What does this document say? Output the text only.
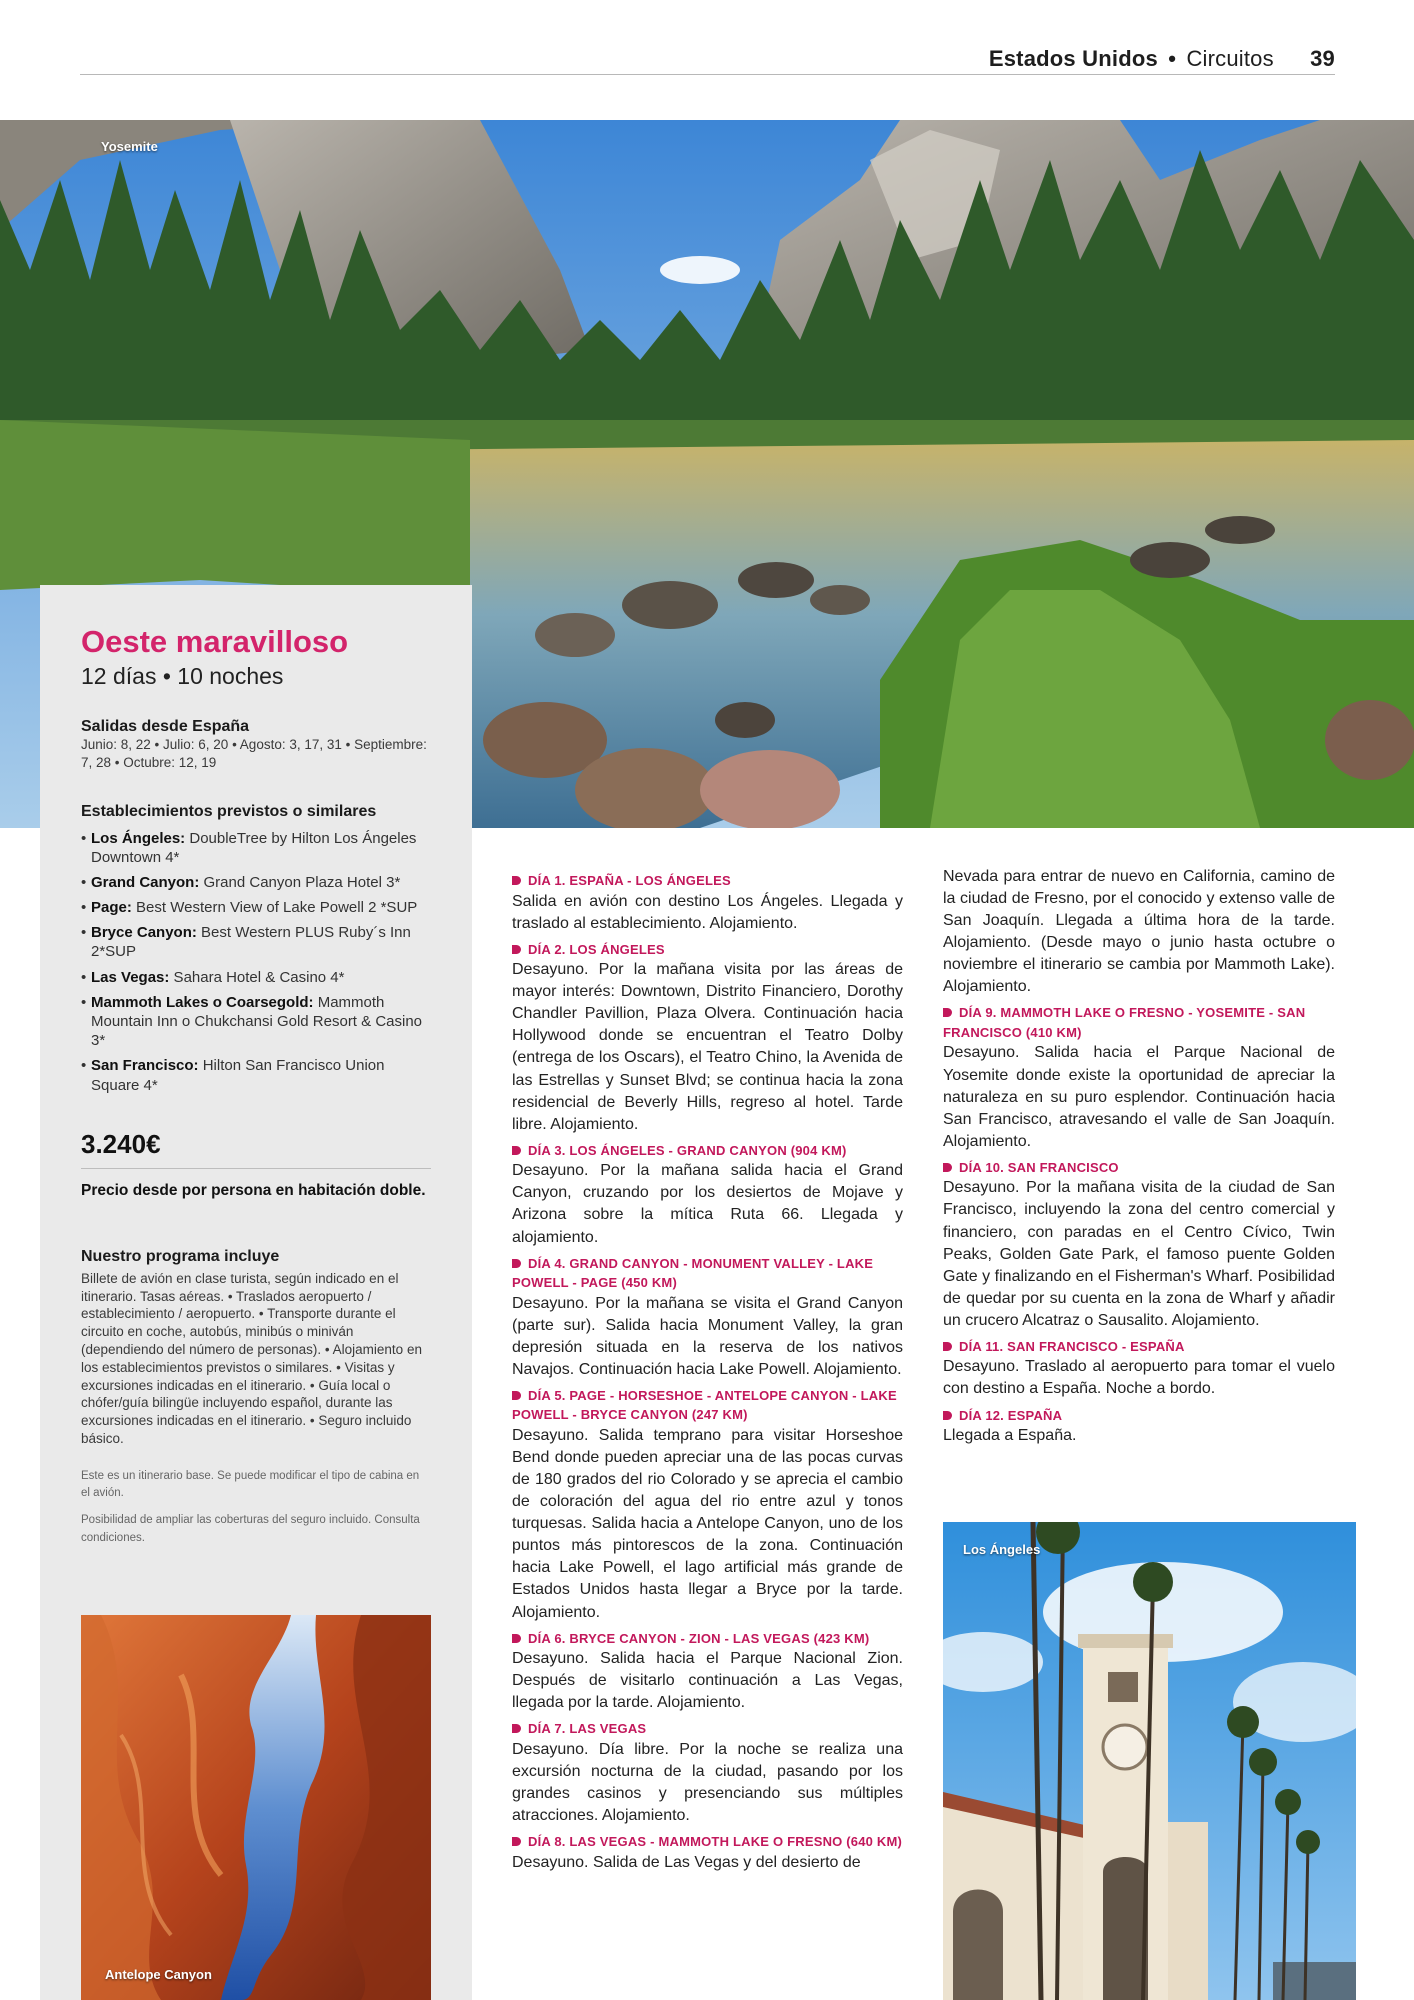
Estados Unidos • Circuitos 39
Yosemite
Oeste maravilloso
12 días • 10 noches
Salidas desde España
Junio: 8, 22 • Julio: 6, 20 • Agosto: 3, 17, 31 • Septiembre: 7, 28 • Octubre: 12, 19
Establecimientos previstos o similares
• Los Ángeles: DoubleTree by Hilton Los Ángeles Downtown 4*
• Grand Canyon: Grand Canyon Plaza Hotel 3*
• Page: Best Western View of Lake Powell 2 *SUP
• Bryce Canyon: Best Western PLUS Ruby´s Inn 2*SUP
• Las Vegas: Sahara Hotel & Casino 4*
• Mammoth Lakes o Coarsegold: Mammoth Mountain Inn o Chukchansi Gold Resort & Casino 3*
• San Francisco: Hilton San Francisco Union Square 4*
3.240€
Precio desde por persona en habitación doble.
Nuestro programa incluye
Billete de avión en clase turista, según indicado en el itinerario. Tasas aéreas. • Traslados aeropuerto / establecimiento / aeropuerto. • Transporte durante el circuito en coche, autobús, minibús o miniván (dependiendo del número de personas). • Alojamiento en los establecimientos previstos o similares. • Visitas y excursiones indicadas en el itinerario. • Guía local o chófer/guía bilingüe incluyendo español, durante las excursiones indicadas en el itinerario. • Seguro incluido básico.
Este es un itinerario base. Se puede modificar el tipo de cabina en el avión.
Posibilidad de ampliar las coberturas del seguro incluido. Consulta condiciones.
Antelope Canyon
Los Ángeles
DÍA 1. ESPAÑA - LOS ÁNGELES

Salida en avión con destino Los Ángeles. Llegada y traslado al establecimiento. Alojamiento.

DÍA 2. LOS ÁNGELES

Desayuno. Por la mañana visita por las áreas de mayor interés: Downtown, Distrito Financiero, Dorothy Chandler Pavillion, Plaza Olvera. Continuación hacia Hollywood donde se encuentran el Teatro Dolby (entrega de los Oscars), el Teatro Chino, la Avenida de las Estrellas y Sunset Blvd; se continua hacia la zona residencial de Beverly Hills, regreso al hotel. Tarde libre. Alojamiento.

DÍA 3. LOS ÁNGELES - GRAND CANYON (904 KM)

Desayuno. Por la mañana salida hacia el Grand Canyon, cruzando por los desiertos de Mojave y Arizona sobre la mítica Ruta 66. Llegada y alojamiento.

DÍA 4. GRAND CANYON - MONUMENT VALLEY - LAKE POWELL - PAGE (450 KM)

Desayuno. Por la mañana se visita el Grand Canyon (parte sur). Salida hacia Monument Valley, la gran depresión situada en la reserva de los nativos Navajos. Continuación hacia Lake Powell. Alojamiento.

DÍA 5. PAGE - HORSESHOE - ANTELOPE CANYON - LAKE POWELL - BRYCE CANYON (247 KM)

Desayuno. Salida temprano para visitar Horseshoe Bend donde pueden apreciar una de las pocas curvas de 180 grados del rio Colorado y se aprecia el cambio de coloración del agua del rio entre azul y tonos turquesas. Salida hacia a Antelope Canyon, uno de los puntos más pintorescos de la zona. Continuación hacia Lake Powell, el lago artificial más grande de Estados Unidos hasta llegar a Bryce por la tarde. Alojamiento.

DÍA 6. BRYCE CANYON - ZION - LAS VEGAS (423 KM)

Desayuno. Salida hacia el Parque Nacional Zion. Después de visitarlo continuación a Las Vegas, llegada por la tarde. Alojamiento.

DÍA 7. LAS VEGAS

Desayuno. Día libre. Por la noche se realiza una excursión nocturna de la ciudad, pasando por los grandes casinos y presenciando sus múltiples atracciones. Alojamiento.

DÍA 8. LAS VEGAS - MAMMOTH LAKE O FRESNO (640 KM)

Desayuno. Salida de Las Vegas y del desierto de

Nevada para entrar de nuevo en California, camino de la ciudad de Fresno, por el conocido y extenso valle de San Joaquín. Llegada a última hora de la tarde. Alojamiento. (Desde mayo o junio hasta octubre o noviembre el itinerario se cambia por Mammoth Lake). Alojamiento.

DÍA 9. MAMMOTH LAKE O FRESNO - YOSEMITE - SAN FRANCISCO (410 KM)

Desayuno. Salida hacia el Parque Nacional de Yosemite donde existe la oportunidad de apreciar la naturaleza en su puro esplendor. Continuación hacia San Francisco, atravesando el valle de San Joaquín. Alojamiento.

DÍA 10. SAN FRANCISCO

Desayuno. Por la mañana visita de la ciudad de San Francisco, incluyendo la zona del centro comercial y financiero, con paradas en el Centro Cívico, Twin Peaks, Golden Gate Park, el famoso puente Golden Gate y finalizando en el Fisherman's Wharf. Posibilidad de quedar por su cuenta en la zona de Wharf y añadir un crucero Alcatraz o Sausalito. Alojamiento.

DÍA 11. SAN FRANCISCO - ESPAÑA

Desayuno. Traslado al aeropuerto para tomar el vuelo con destino a España. Noche a bordo.

DÍA 12. ESPAÑA

Llegada a España.
